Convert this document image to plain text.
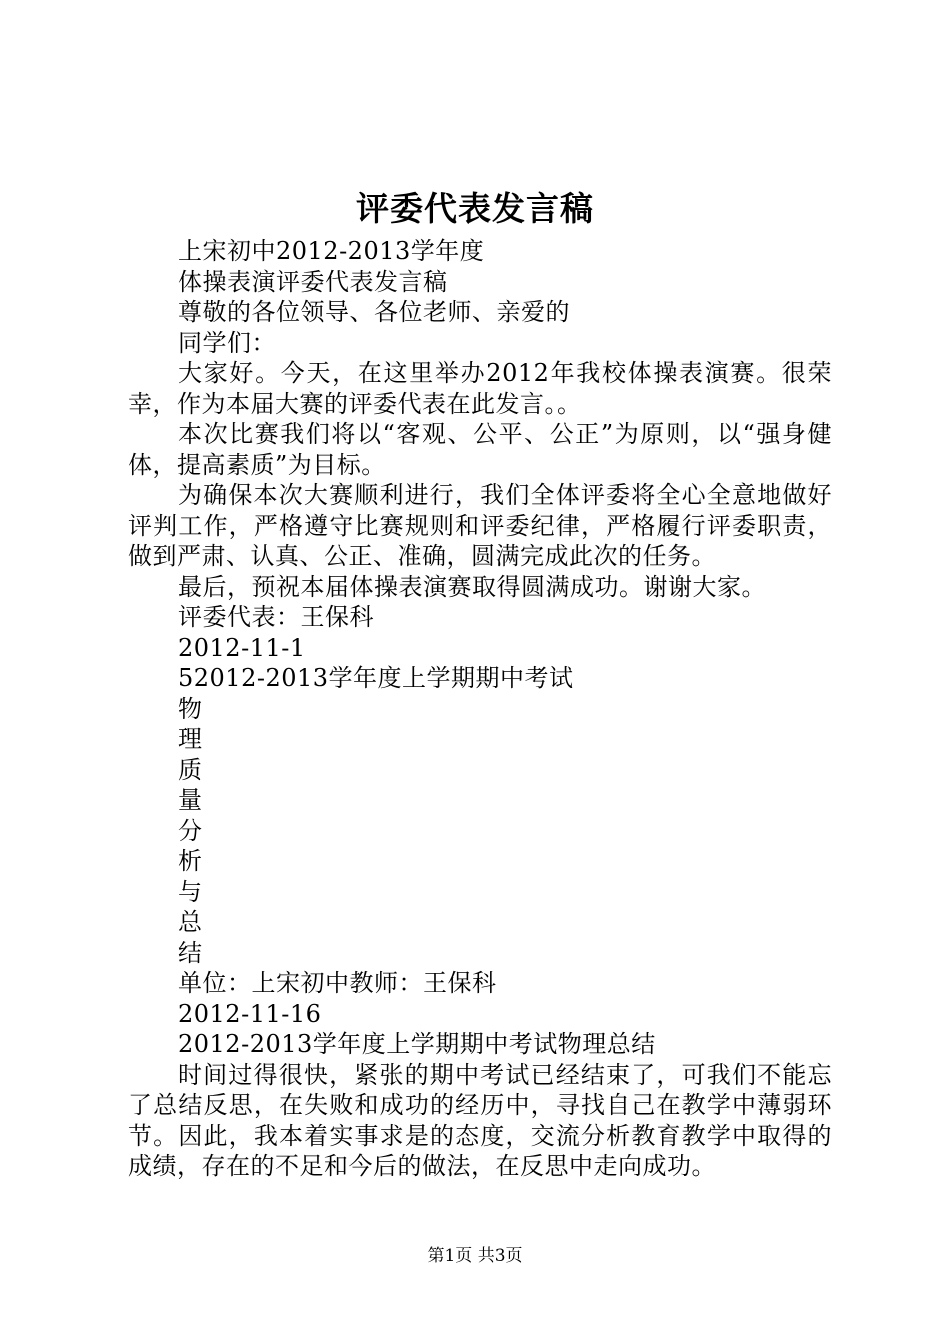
评委代表发言稿

上宋初中2012-2013学年度

体操表演评委代表发言稿

尊敬的各位领导、各位老师、亲爱的

同学们：

大家好。今天，在这里举办2012年我校体操表演赛。很荣幸，作为本届大赛的评委代表在此发言。。

本次比赛我们将以“客观、公平、公正”为原则，以“强身健体，提高素质”为目标。

为确保本次大赛顺利进行，我们全体评委将全心全意地做好评判工作，严格遵守比赛规则和评委纪律，严格履行评委职责，做到严肃、认真、公正、准确，圆满完成此次的任务。

最后，预祝本届体操表演赛取得圆满成功。谢谢大家。

评委代表：王保科

2012-11-1

52012-2013学年度上学期期中考试

物

理

质

量

分

析

与

总

结

单位：上宋初中教师：王保科

2012-11-16

2012-2013学年度上学期期中考试物理总结

时间过得很快，紧张的期中考试已经结束了，可我们不能忘了总结反思，在失败和成功的经历中，寻找自己在教学中薄弱环节。因此，我本着实事求是的态度，交流分析教育教学中取得的成绩，存在的不足和今后的做法，在反思中走向成功。

第1页 共3页
